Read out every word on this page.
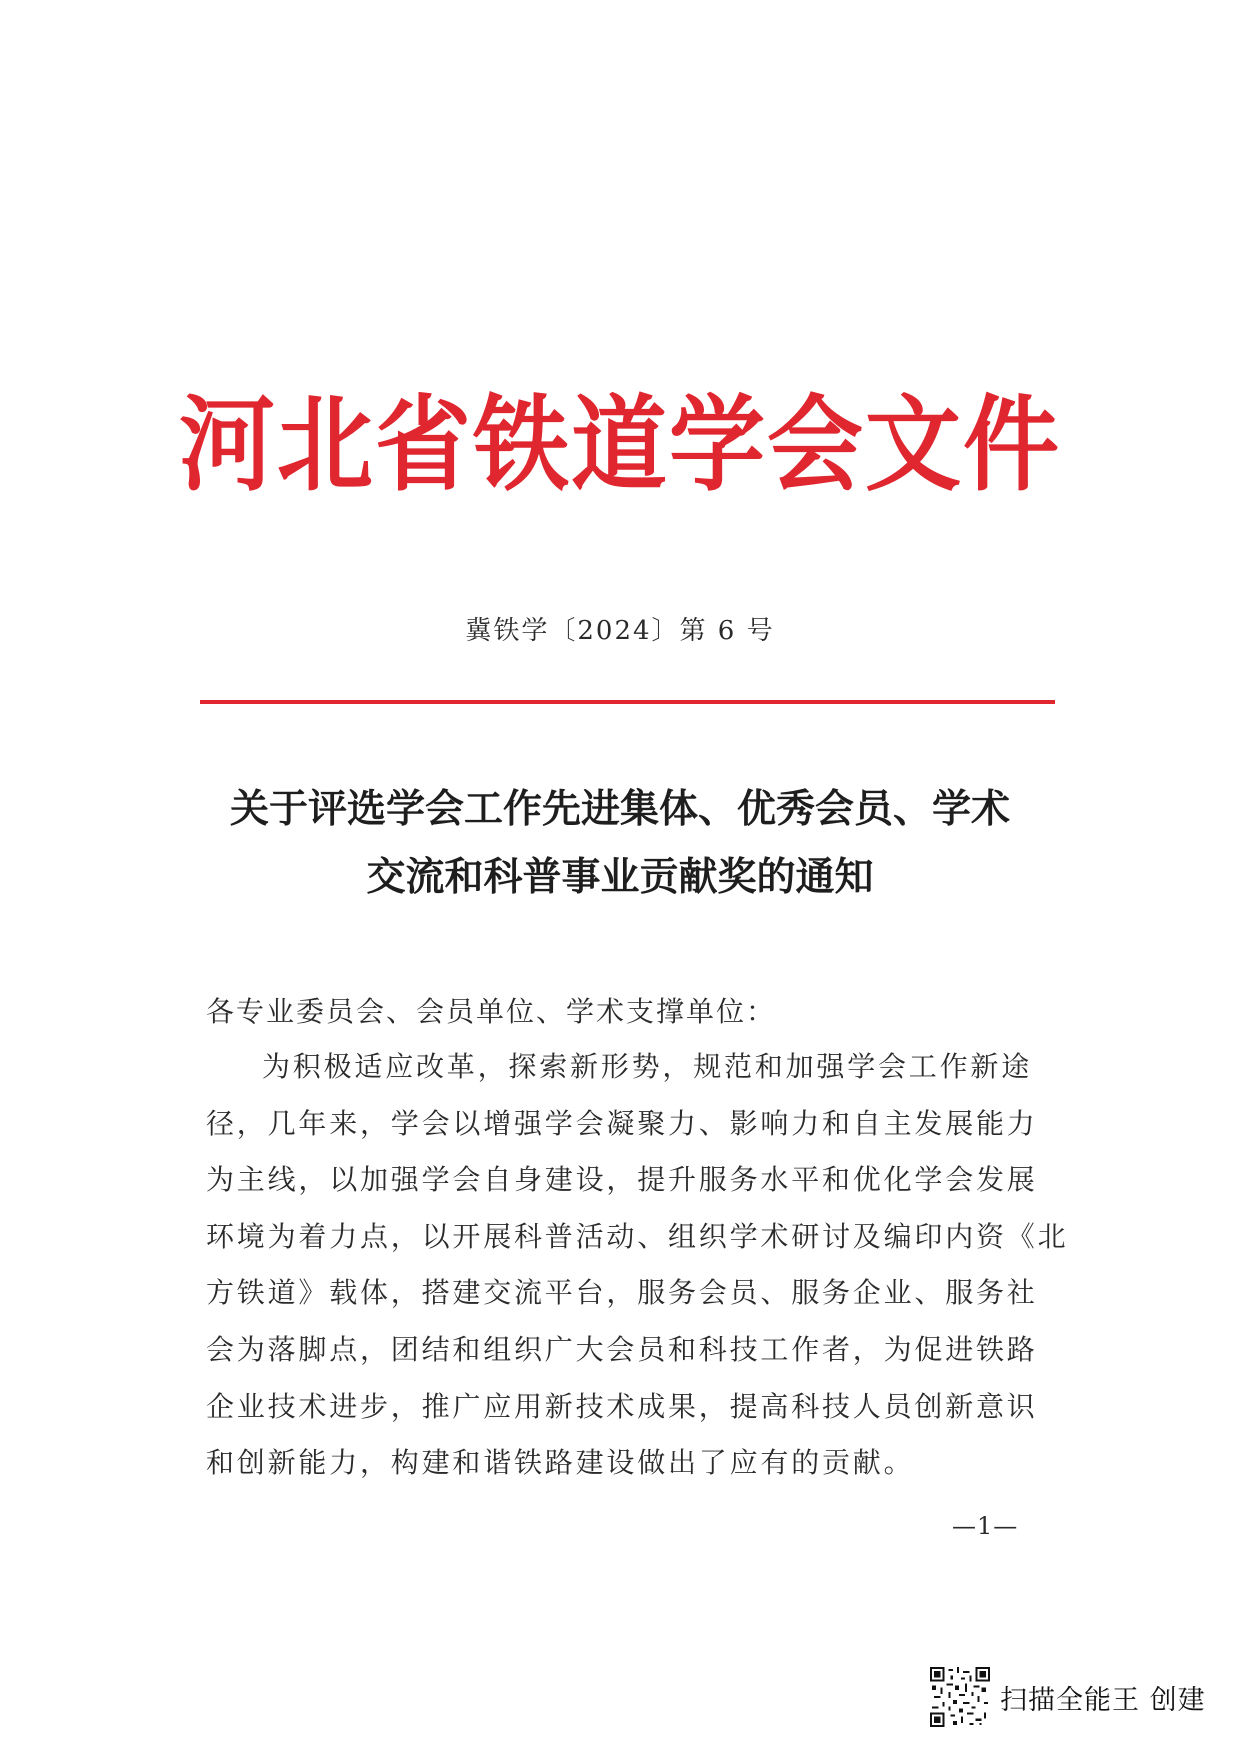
河北省铁道学会文件
冀铁学〔2024〕第 6 号
关于评选学会工作先进集体、优秀会员、学术
交流和科普事业贡献奖的通知
各专业委员会、会员单位、学术支撑单位：
为积极适应改革，探索新形势，规范和加强学会工作新途
径，几年来，学会以增强学会凝聚力、影响力和自主发展能力
为主线，以加强学会自身建设，提升服务水平和优化学会发展
环境为着力点，以开展科普活动、组织学术研讨及编印内资《北
方铁道》载体，搭建交流平台，服务会员、服务企业、服务社
会为落脚点，团结和组织广大会员和科技工作者，为促进铁路
企业技术进步，推广应用新技术成果，提高科技人员创新意识
和创新能力，构建和谐铁路建设做出了应有的贡献。
—1—
扫描全能王 创建
